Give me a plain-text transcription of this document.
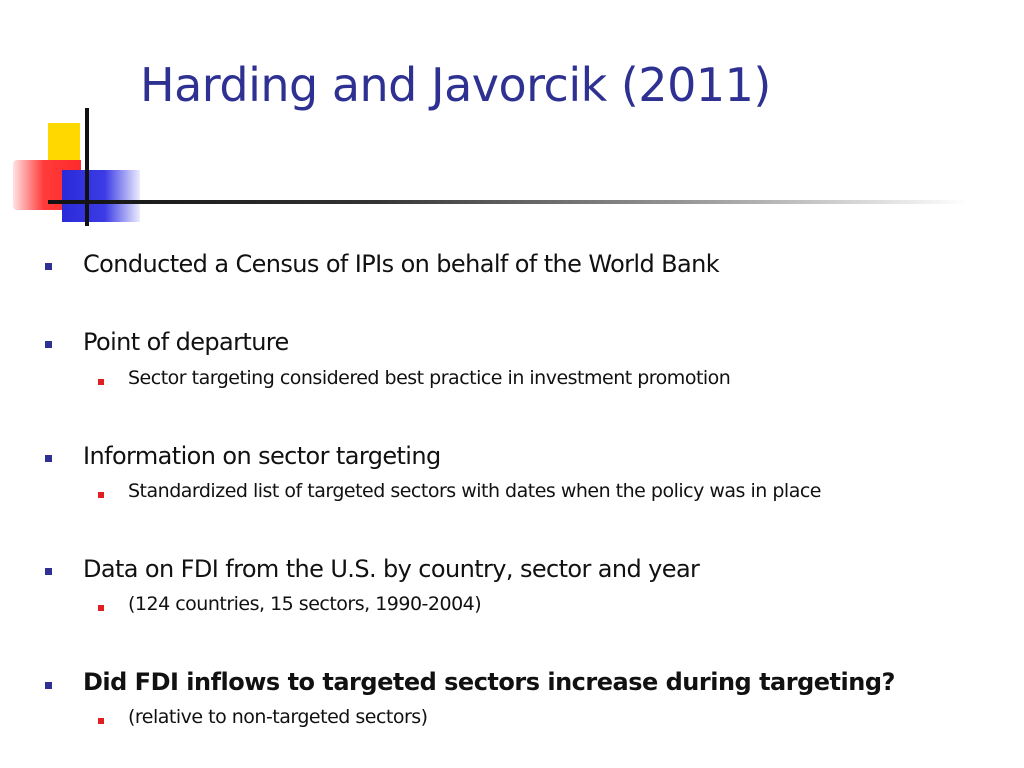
Harding and Javorcik (2011)
Conducted a Census of IPIs on behalf of the World Bank
Point of departure
Sector targeting considered best practice in investment promotion
Information on sector targeting
Standardized list of targeted sectors with dates when the policy was in place
Data on FDI from the U.S. by country, sector and year
(124 countries, 15 sectors, 1990-2004)
Did FDI inflows to targeted sectors increase during targeting?
(relative to non-targeted sectors)
